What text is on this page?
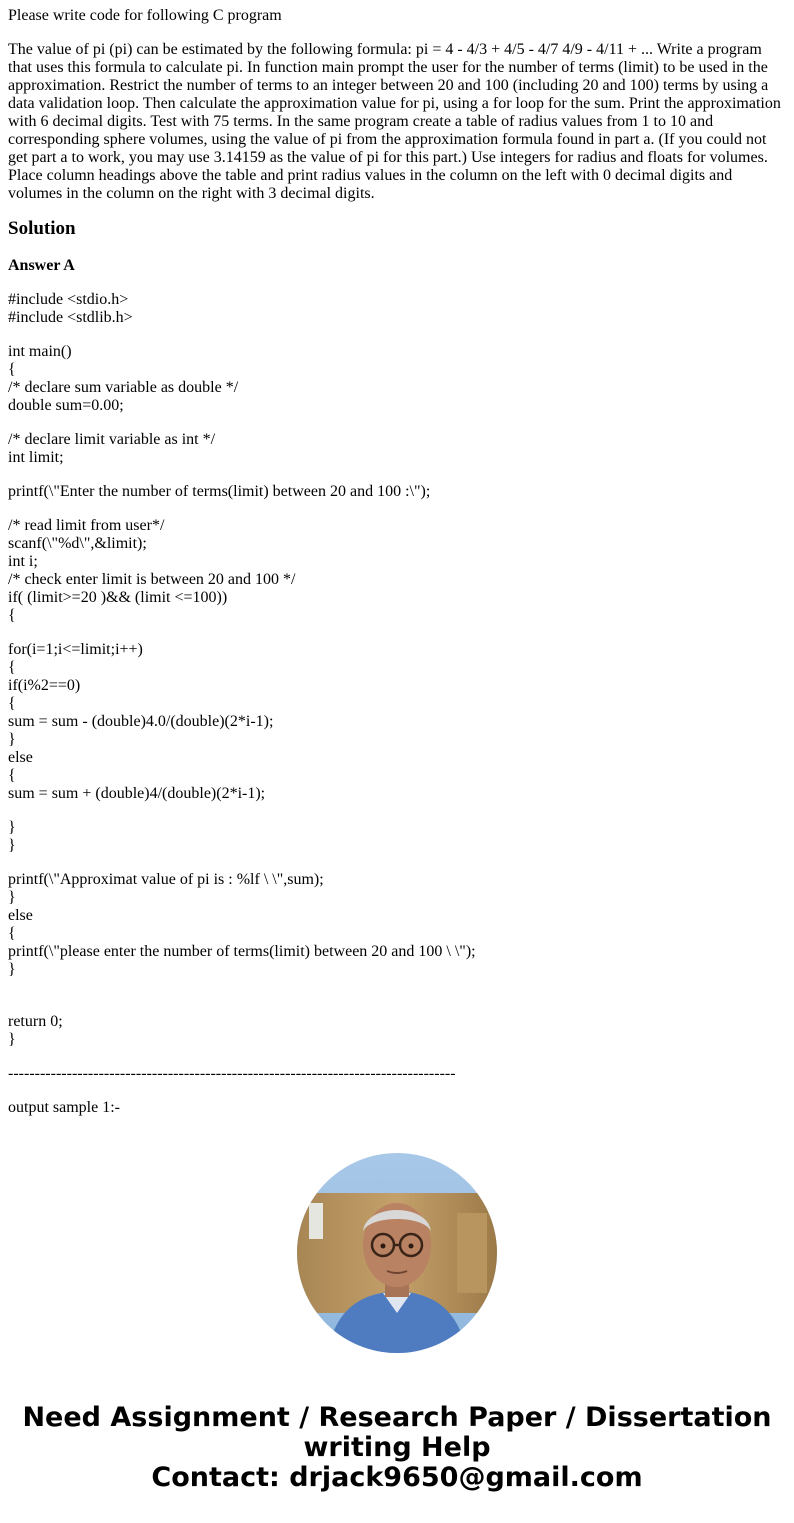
Please write code for following C program
The value of pi (pi) can be estimated by the following formula: pi = 4 - 4/3 + 4/5 - 4/7 4/9 - 4/11 + ... Write a program that uses this formula to calculate pi. In function main prompt the user for the number of terms (limit) to be used in the approximation. Restrict the number of terms to an integer between 20 and 100 (including 20 and 100) terms by using a data validation loop. Then calculate the approximation value for pi, using a for loop for the sum. Print the approximation with 6 decimal digits. Test with 75 terms. In the same program create a table of radius values from 1 to 10 and corresponding sphere volumes, using the value of pi from the approximation formula found in part a. (If you could not get part a to work, you may use 3.14159 as the value of pi for this part.) Use integers for radius and floats for volumes. Place column headings above the table and print radius values in the column on the left with 0 decimal digits and volumes in the column on the right with 3 decimal digits.
Solution
Answer A
#include <stdio.h>
#include <stdlib.h>
int main()
{
/* declare sum variable as double */
double sum=0.00;
/* declare limit variable as int */
int limit;
printf(\"Enter the number of terms(limit) between 20 and 100 :\");
/* read limit from user*/
scanf(\"%d\",&limit);
int i;
/* check enter limit is between 20 and 100 */
if( (limit>=20 )&& (limit <=100))
{
for(i=1;i<=limit;i++)
{
if(i%2==0)
{
sum = sum - (double)4.0/(double)(2*i-1);
}
else
{
sum = sum + (double)4/(double)(2*i-1);
}
}
printf(\"Approximat value of pi is : %lf \ \",sum);
}
else
{
printf(\"please enter the number of terms(limit) between 20 and 100 \ \");
}
return 0;
}
------------------------------------------------------------------------------------
output sample 1:-
Need Assignment / Research Paper / Dissertation
writing Help
Contact: drjack9650@gmail.com
